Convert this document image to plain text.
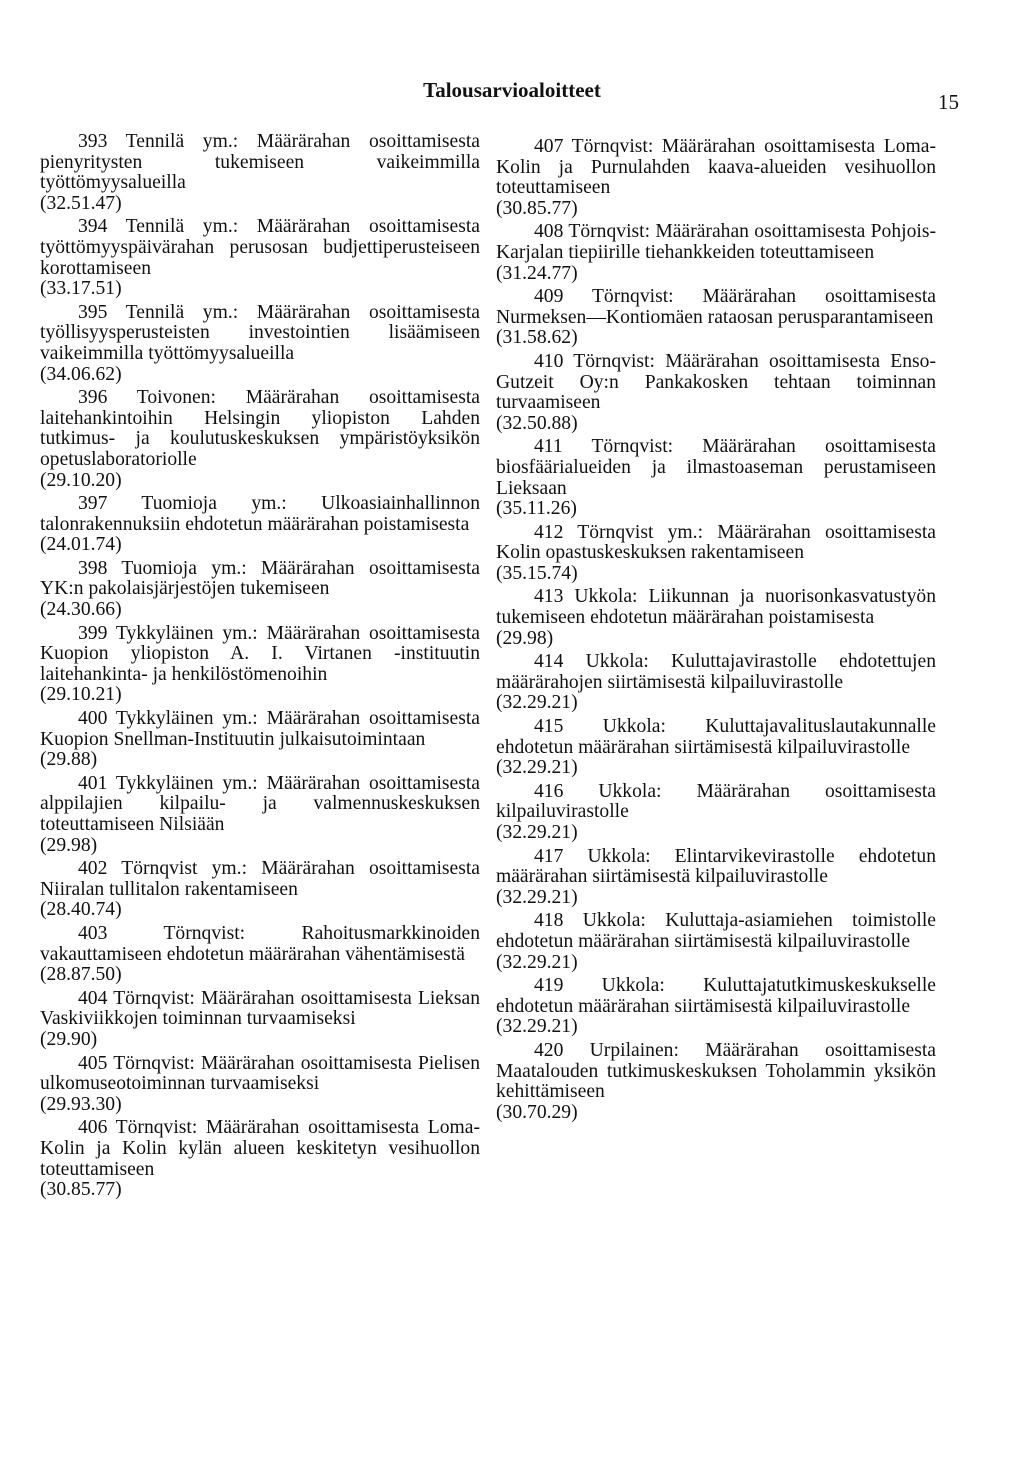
Talousarvioaloitteet	15

393 Tennilä ym.: Määrärahan osoittamisesta pienyritysten tukemiseen vaikeimmilla työttömyysalueilla

(32.51.47)

394 Tennilä ym.: Määrärahan osoittamisesta työttömyyspäivärahan perusosan budjettiperusteiseen korottamiseen

(33.17.51)

395 Tennilä ym.: Määrärahan osoittamisesta työllisyysperusteisten investointien lisäämiseen vaikeimmilla työttömyysalueilla

(34.06.62)

396 Toivonen: Määrärahan osoittamisesta laitehankintoihin Helsingin yliopiston Lahden tutkimus- ja koulutuskeskuksen ympäristöyksikön opetuslaboratoriolle

(29.10.20)

397 Tuomioja ym.: Ulkoasiainhallinnon talonrakennuksiin ehdotetun määrärahan poistamisesta

(24.01.74)

398 Tuomioja ym.: Määrärahan osoittamisesta YK:n pakolaisjärjestöjen tukemiseen

(24.30.66)

399 Tykkyläinen ym.: Määrärahan osoittamisesta Kuopion yliopiston A. I. Virtanen -instituutin laitehankinta- ja henkilöstömenoihin

(29.10.21)

400 Tykkyläinen ym.: Määrärahan osoittamisesta Kuopion Snellman-Instituutin julkaisutoimintaan

(29.88)

401 Tykkyläinen ym.: Määrärahan osoittamisesta alppilajien kilpailu- ja valmennuskeskuksen toteuttamiseen Nilsiään

(29.98)

402 Törnqvist ym.: Määrärahan osoittamisesta Niiralan tullitalon rakentamiseen

(28.40.74)

403 Törnqvist: Rahoitusmarkkinoiden vakauttamiseen ehdotetun määrärahan vähentämisestä

(28.87.50)

404 Törnqvist: Määrärahan osoittamisesta Lieksan Vaskiviikkojen toiminnan turvaamiseksi

(29.90)

405 Törnqvist: Määrärahan osoittamisesta Pielisen ulkomuseotoiminnan turvaamiseksi

(29.93.30)

406 Törnqvist: Määrärahan osoittamisesta Loma-Kolin ja Kolin kylän alueen keskitetyn vesihuollon toteuttamiseen

(30.85.77)

407 Törnqvist: Määrärahan osoittamisesta Loma-Kolin ja Purnulahden kaava-alueiden vesihuollon toteuttamiseen

(30.85.77)

408 Törnqvist: Määrärahan osoittamisesta Pohjois-Karjalan tiepiirille tiehankkeiden toteuttamiseen

(31.24.77)

409 Törnqvist: Määrärahan osoittamisesta Nurmeksen—Kontiomäen rataosan perusparantamiseen

(31.58.62)

410 Törnqvist: Määrärahan osoittamisesta Enso-Gutzeit Oy:n Pankakosken tehtaan toiminnan turvaamiseen

(32.50.88)

411 Törnqvist: Määrärahan osoittamisesta biosfäärialueiden ja ilmastoaseman perustamiseen Lieksaan

(35.11.26)

412 Törnqvist ym.: Määrärahan osoittamisesta Kolin opastuskeskuksen rakentamiseen

(35.15.74)

413 Ukkola: Liikunnan ja nuorisonkasvatustyön tukemiseen ehdotetun määrärahan poistamisesta

(29.98)

414 Ukkola: Kuluttajavirastolle ehdotettujen määrärahojen siirtämisestä kilpailuvirastolle

(32.29.21)

415 Ukkola: Kuluttajavalituslautakunnalle ehdotetun määrärahan siirtämisestä kilpailuvirastolle

(32.29.21)

416 Ukkola: Määrärahan osoittamisesta kilpailuvirastolle

(32.29.21)

417 Ukkola: Elintarvikevirastolle ehdotetun määrärahan siirtämisestä kilpailuvirastolle

(32.29.21)

418 Ukkola: Kuluttaja-asiamiehen toimistolle ehdotetun määrärahan siirtämisestä kilpailuvirastolle

(32.29.21)

419 Ukkola: Kuluttajatutkimuskeskukselle ehdotetun määrärahan siirtämisestä kilpailuvirastolle

(32.29.21)

420 Urpilainen: Määrärahan osoittamisesta Maatalouden tutkimuskeskuksen Toholammin yksikön kehittämiseen

(30.70.29)
